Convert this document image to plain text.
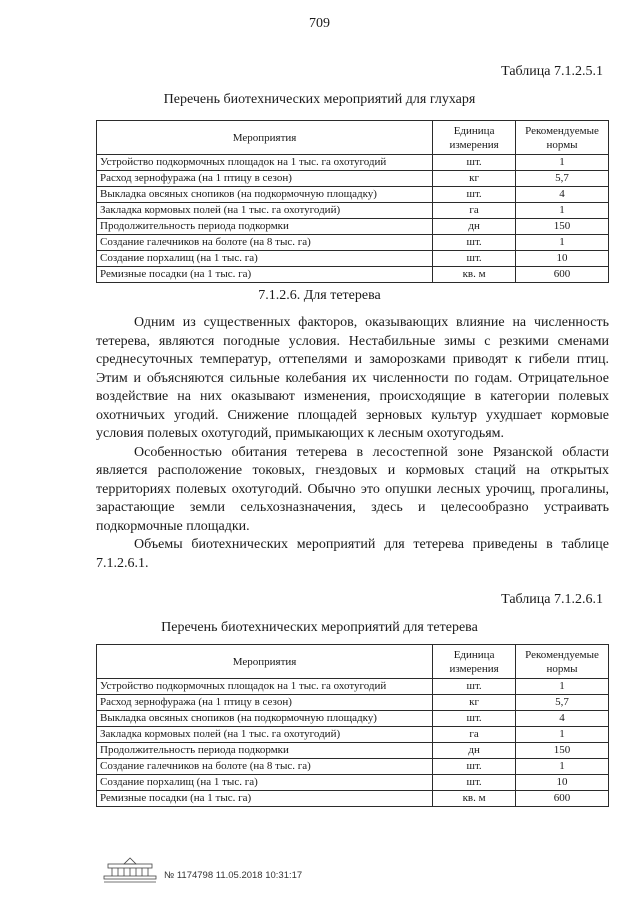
709
Таблица 7.1.2.5.1
Перечень биотехнических мероприятий для глухаря
Мероприятия	Единица измерения	Рекомендуемые нормы
Устройство подкормочных площадок на 1 тыс. га охотугодий	шт.	1
Расход зернофуража (на 1 птицу в сезон)	кг	5,7
Выкладка овсяных снопиков (на подкормочную площадку)	шт.	4
Закладка кормовых полей (на 1 тыс. га охотугодий)	га	1
Продолжительность периода подкормки	дн	150
Создание галечников на болоте (на 8 тыс. га)	шт.	1
Создание порхалищ (на 1 тыс. га)	шт.	10
Ремизные посадки (на 1 тыс. га)	кв. м	600
7.1.2.6. Для тетерева

Одним из существенных факторов, оказывающих влияние на численность тетерева, являются погодные условия. Нестабильные зимы с резкими сменами среднесуточных температур, оттепелями и заморозками приводят к гибели птиц. Этим и объясняются сильные колебания их численности по годам. Отрицательное воздействие на них оказывают изменения, происходящие в категории полевых охотничьих угодий. Снижение площадей зерновых культур ухудшает кормовые условия полевых охотугодий, примыкающих к лесным охотугодьям.

Особенностью обитания тетерева в лесостепной зоне Рязанской области является расположение токовых, гнездовых и кормовых стаций на открытых территориях полевых охотугодий. Обычно это опушки лесных урочищ, прогалины, зарастающие земли сельхозназначения, здесь и целесообразно устраивать подкормочные площадки.

Объемы биотехнических мероприятий для тетерева приведены в таблице 7.1.2.6.1.

Таблица 7.1.2.6.1
Перечень биотехнических мероприятий для тетерева
Мероприятия	Единица измерения	Рекомендуемые нормы
Устройство подкормочных площадок на 1 тыс. га охотугодий	шт.	1
Расход зернофуража (на 1 птицу в сезон)	кг	5,7
Выкладка овсяных снопиков (на подкормочную площадку)	шт.	4
Закладка кормовых полей (на 1 тыс. га охотугодий)	га	1
Продолжительность периода подкормки	дн	150
Создание галечников на болоте (на 8 тыс. га)	шт.	1
Создание порхалищ (на 1 тыс. га)	шт.	10
Ремизные посадки (на 1 тыс. га)	кв. м	600
№ 1174798 11.05.2018 10:31:17
